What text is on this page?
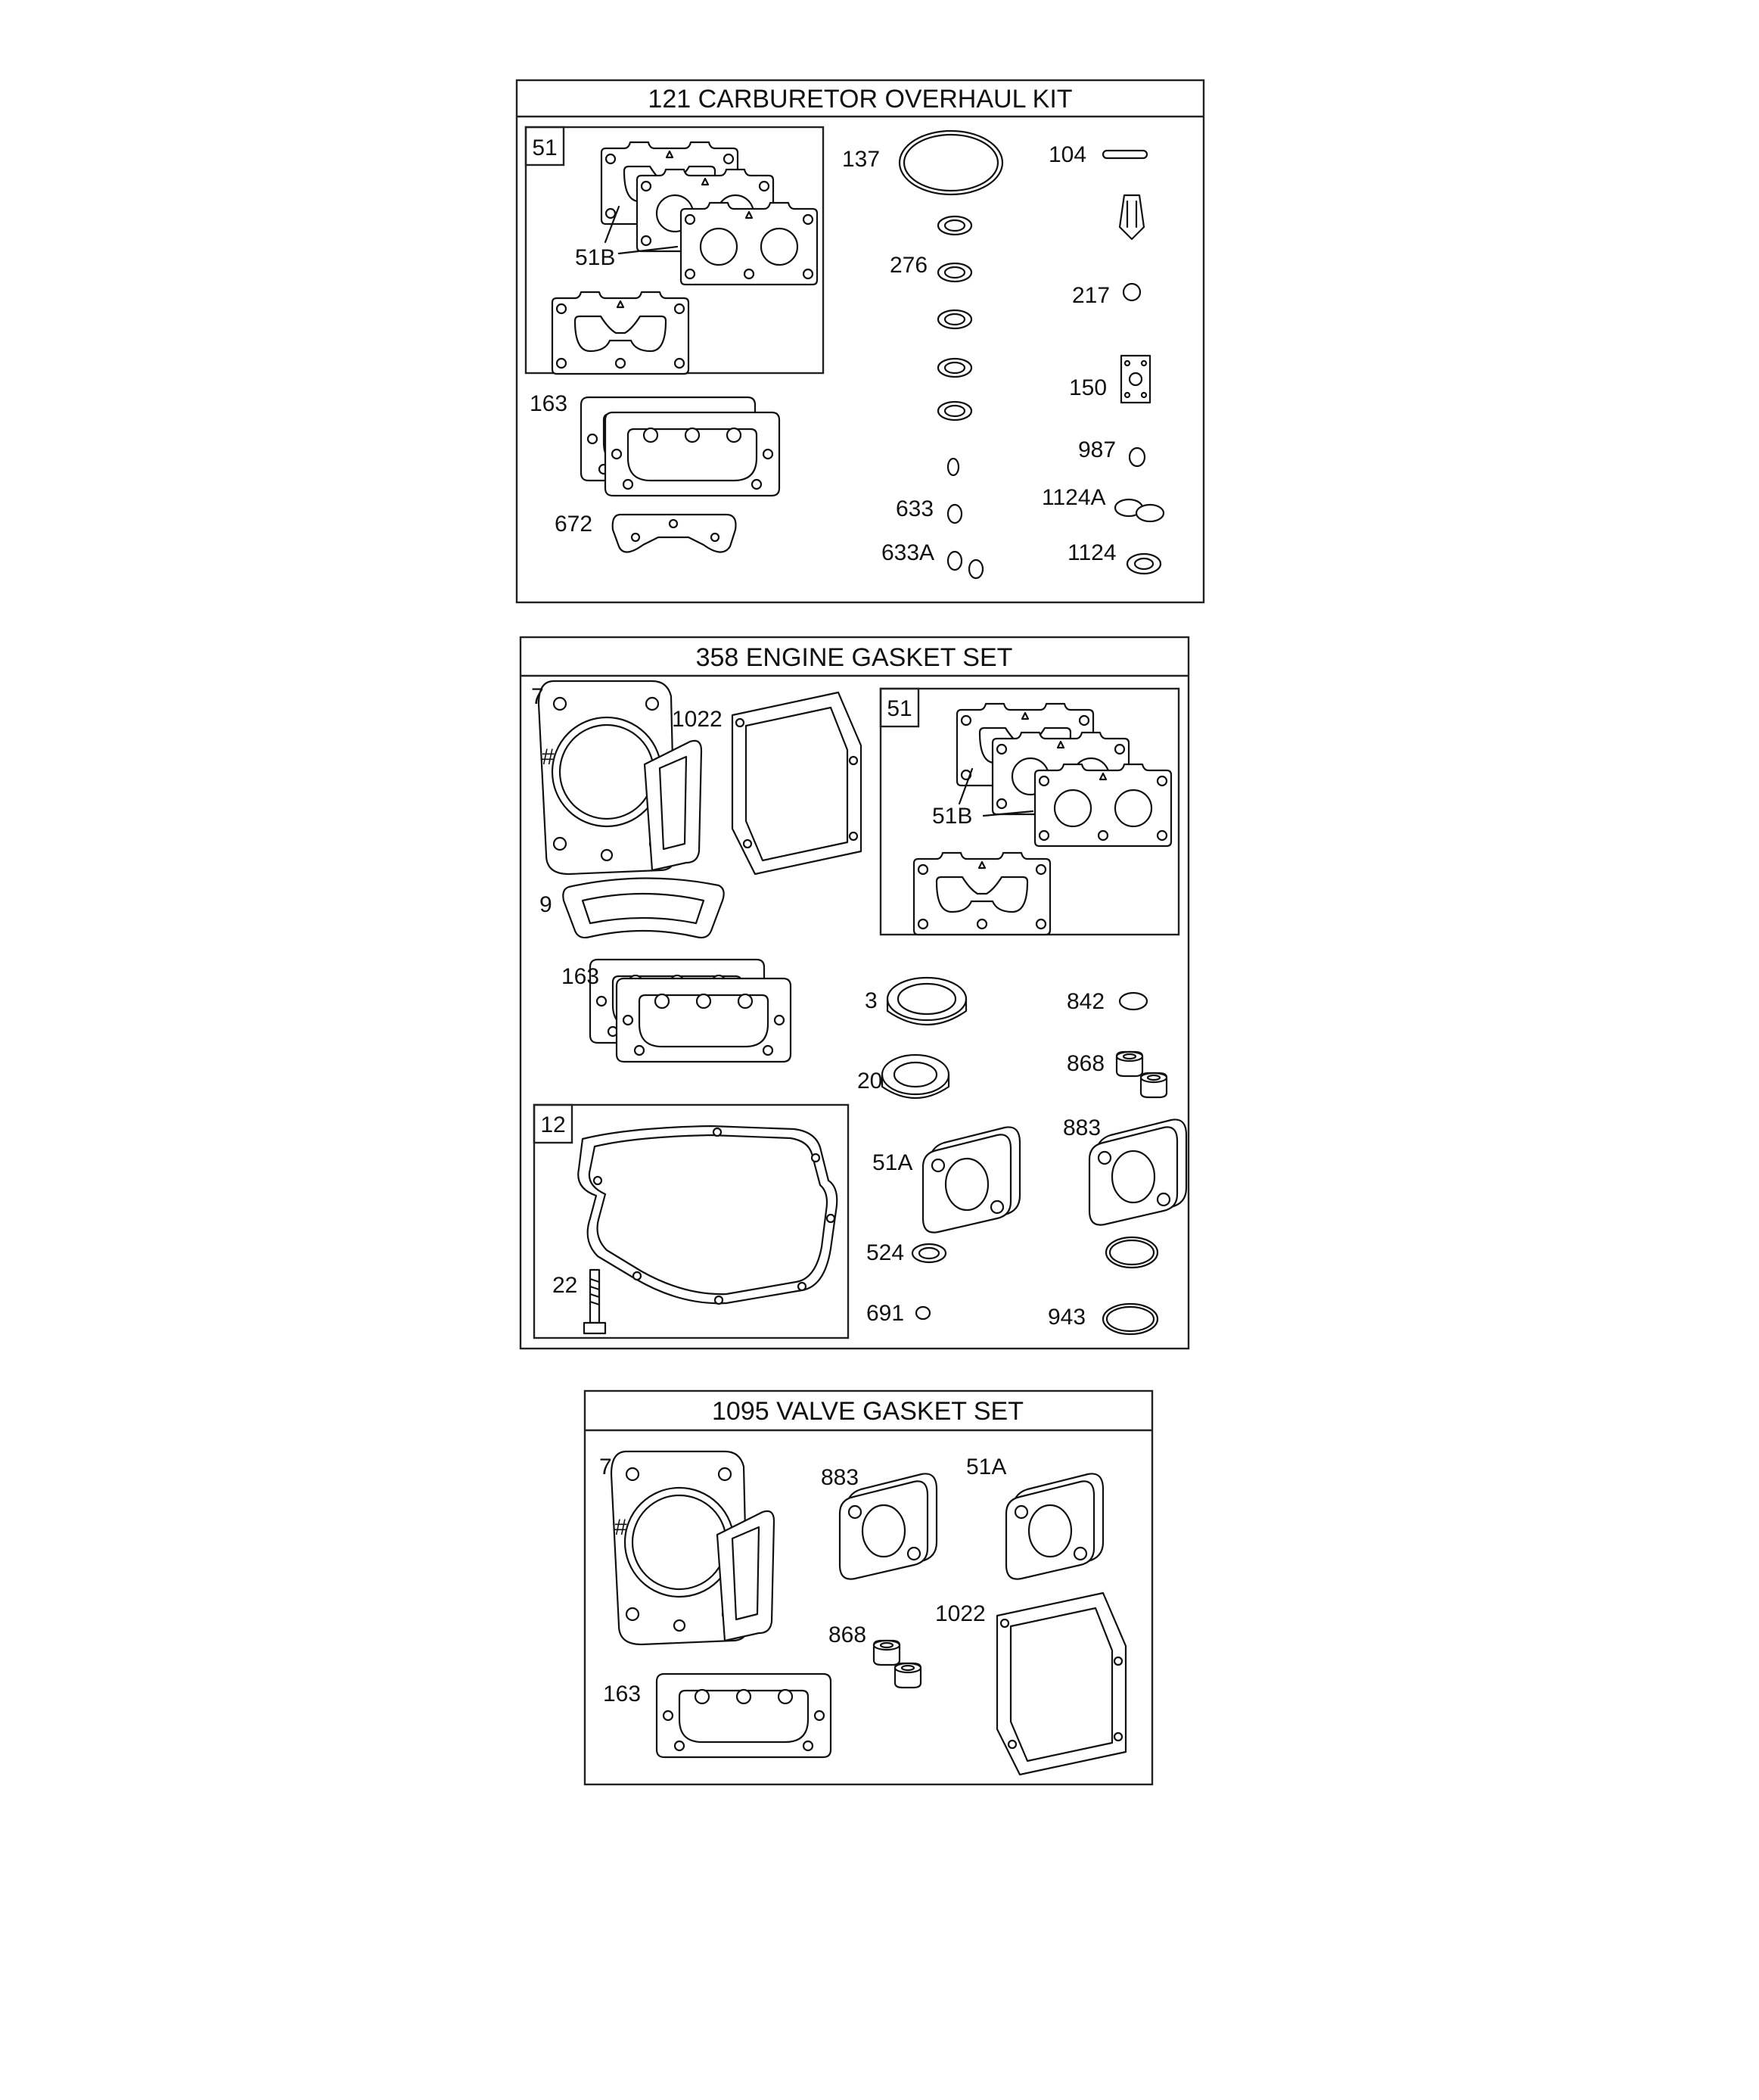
#
121 CARBURETOR OVERHAUL KIT
51
51B
137
276
633
633A
104
217
150
987
1124A
1124
163
672
358 ENGINE GASKET SET
7
1022
9
51
51B
163
12
22
3
20
51A
524
691
842
868
883
943
1095 VALVE GASKET SET
7	883	51A
868
1022
163
